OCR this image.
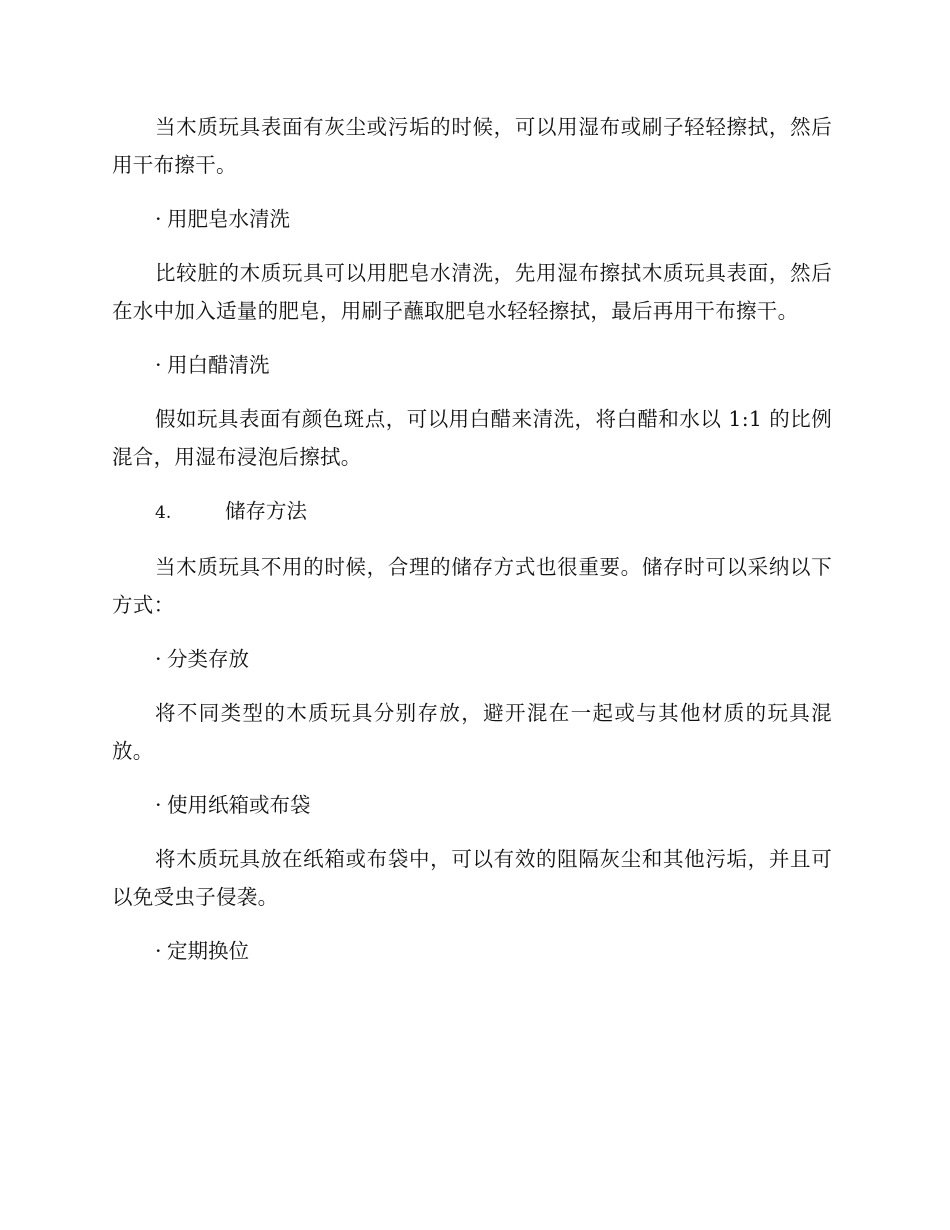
当木质玩具表面有灰尘或污垢的时候，可以用湿布或刷子轻轻擦拭，然后用干布擦干。

· 用肥皂水清洗

比较脏的木质玩具可以用肥皂水清洗，先用湿布擦拭木质玩具表面，然后在水中加入适量的肥皂，用刷子蘸取肥皂水轻轻擦拭，最后再用干布擦干。

· 用白醋清洗

假如玩具表面有颜色斑点，可以用白醋来清洗，将白醋和水以 1:1 的比例混合，用湿布浸泡后擦拭。

4.	储存方法

当木质玩具不用的时候，合理的储存方式也很重要。储存时可以采纳以下方式：

· 分类存放

将不同类型的木质玩具分别存放，避开混在一起或与其他材质的玩具混放。

· 使用纸箱或布袋

将木质玩具放在纸箱或布袋中，可以有效的阻隔灰尘和其他污垢，并且可以免受虫子侵袭。

· 定期换位
